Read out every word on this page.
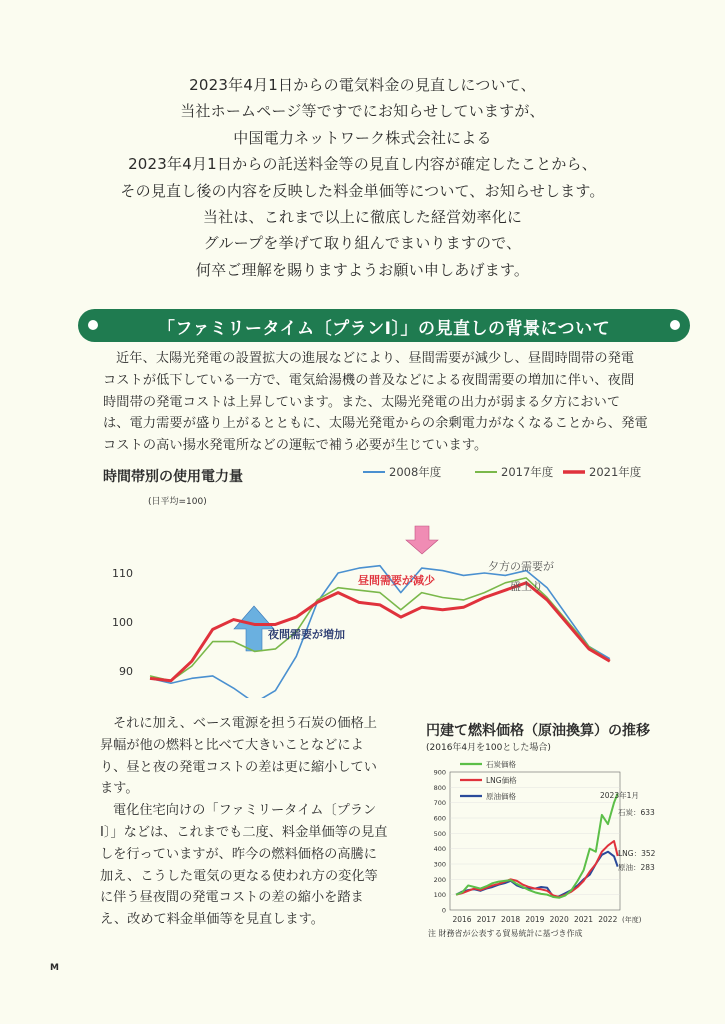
2023年4月1日からの電気料金の見直しについて、
当社ホームページ等ですでにお知らせしていますが、
中国電力ネットワーク株式会社による
2023年4月1日からの託送料金等の見直し内容が確定したことから、
その見直し後の内容を反映した料金単価等について、お知らせします。
当社は、これまで以上に徹底した経営効率化に
グループを挙げて取り組んでまいりますので、
何卒ご理解を賜りますようお願い申しあげます。
「ファミリータイム〔プランI〕」の見直しの背景について
近年、太陽光発電の設置拡大の進展などにより、昼間需要が減少し、昼間時間帯の発電
コストが低下している一方で、電気給湯機の普及などによる夜間需要の増加に伴い、夜間
時間帯の発電コストは上昇しています。また、太陽光発電の出力が弱まる夕方において
は、電力需要が盛り上がるとともに、太陽光発電からの余剰電力がなくなることから、発電
コストの高い揚水発電所などの運転で補う必要が生じています。
時間帯別の使用電力量	2008年度	2017年度	2021年度
(日平均=100)
90
100
110
夜間需要が増加
昼間需要が減少
夕方の需要が
盛上り
それに加え、ベース電源を担う石炭の価格上
昇幅が他の燃料と比べて大きいことなどによ
り、昼と夜の発電コストの差は更に縮小してい
ます。
電化住宅向けの「ファミリータイム〔プラン
I〕」などは、これまでも二度、料金単価等の見直
しを行っていますが、昨今の燃料価格の高騰に
加え、こうした電気の更なる使われ方の変化等
に伴う昼夜間の発電コストの差の縮小を踏ま
え、改めて料金単価等を見直します。
円建て燃料価格（原油換算）の推移
(2016年4月を100とした場合)
0
100
200
300
400
500
600
700
800
900
2016 2017 2018 2019 2020 2021 2022 (年度)
石炭価格
LNG価格
原油価格	2023年1月
石炭：633
LNG：352
原油：283
注 財務省が公表する貿易統計に基づき作成
M
